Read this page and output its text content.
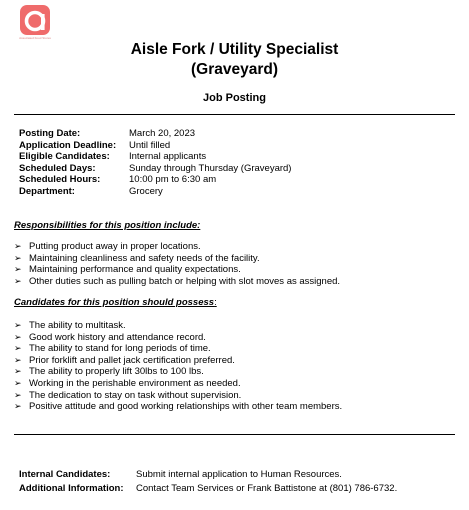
Associated Food Stores
Aisle Fork / Utility Specialist
(Graveyard)
Job Posting
Posting Date:	March 20, 2023
Application Deadline:	Until filled
Eligible Candidates:	Internal applicants
Scheduled Days:	Sunday through Thursday (Graveyard)
Scheduled Hours:	10:00 pm to 6:30 am
Department:	Grocery
Responsibilities for this position include:
➢ Putting product away in proper locations.
➢ Maintaining cleanliness and safety needs of the facility.
➢ Maintaining performance and quality expectations.
➢ Other duties such as pulling batch or helping with slot moves as assigned.
Candidates for this position should possess:
➢ The ability to multitask.
➢ Good work history and attendance record.
➢ The ability to stand for long periods of time.
➢ Prior forklift and pallet jack certification preferred.
➢ The ability to properly lift 30lbs to 100 lbs.
➢ Working in the perishable environment as needed.
➢ The dedication to stay on task without supervision.
➢ Positive attitude and good working relationships with other team members.
Internal Candidates:	Submit internal application to Human Resources.
Additional Information:	Contact Team Services or Frank Battistone at (801) 786-6732.
